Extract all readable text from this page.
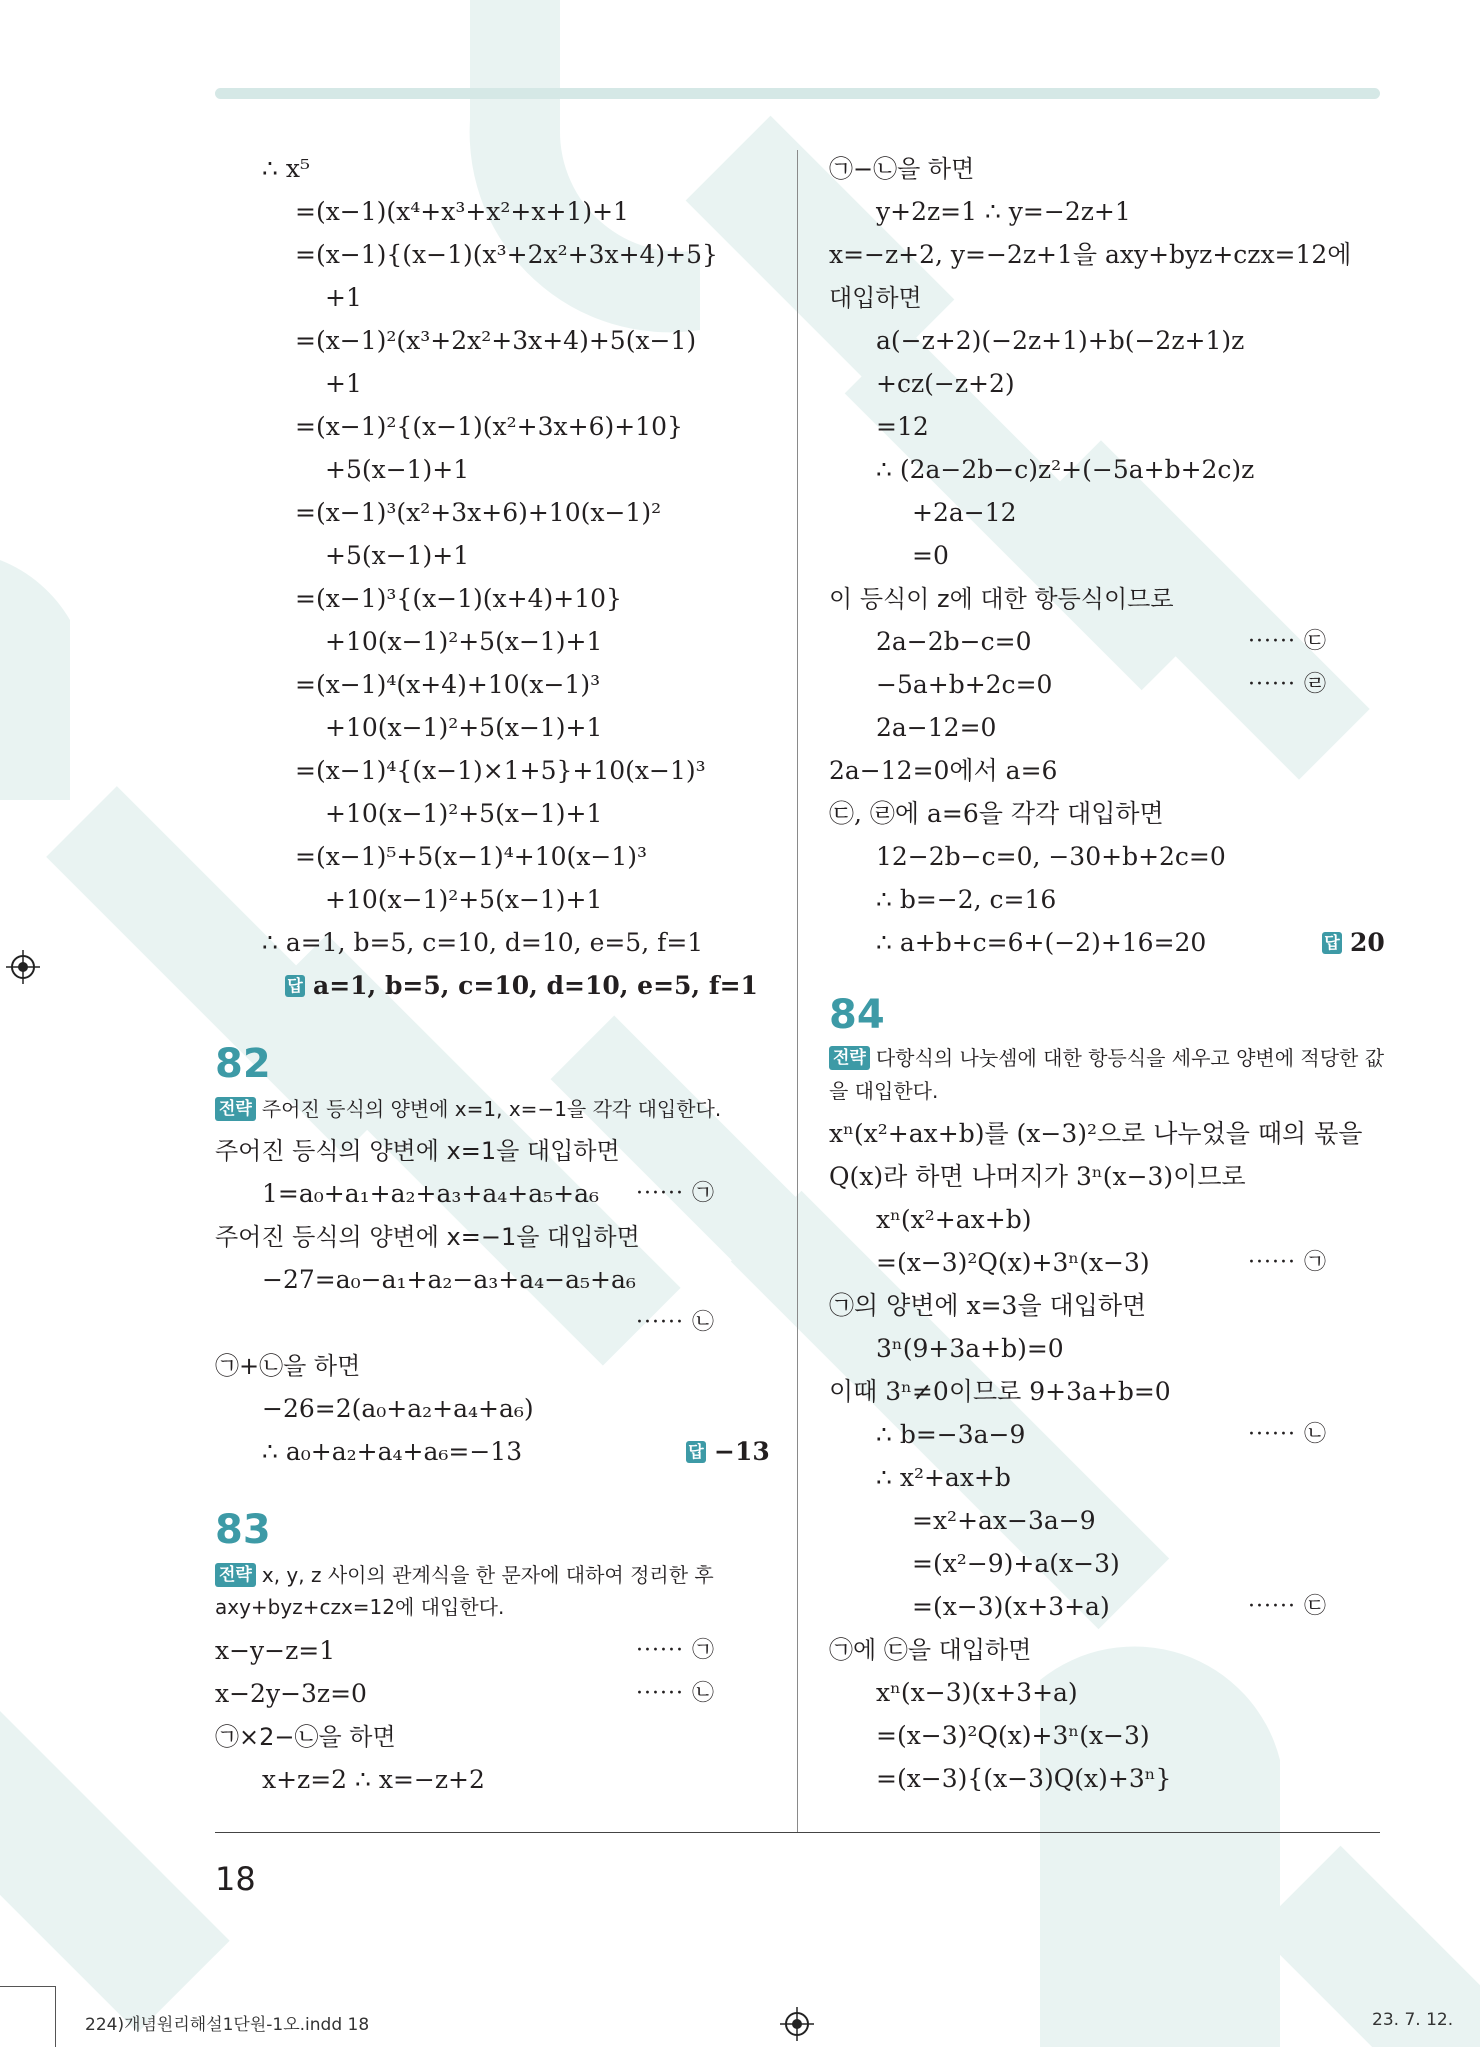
∴ x⁵
=(x−1)(x⁴+x³+x²+x+1)+1
=(x−1){(x−1)(x³+2x²+3x+4)+5}
+1
=(x−1)²(x³+2x²+3x+4)+5(x−1)
+1
=(x−1)²{(x−1)(x²+3x+6)+10}
+5(x−1)+1
=(x−1)³(x²+3x+6)+10(x−1)²
+5(x−1)+1
=(x−1)³{(x−1)(x+4)+10}
+10(x−1)²+5(x−1)+1
=(x−1)⁴(x+4)+10(x−1)³
+10(x−1)²+5(x−1)+1
=(x−1)⁴{(x−1)×1+5}+10(x−1)³
+10(x−1)²+5(x−1)+1
=(x−1)⁵+5(x−1)⁴+10(x−1)³
+10(x−1)²+5(x−1)+1
∴ a=1, b=5, c=10, d=10, e=5, f=1
답 a=1, b=5, c=10, d=10, e=5, f=1
82
전략 주어진 등식의 양변에 x=1, x=−1을 각각 대입한다.
주어진 등식의 양변에 x=1을 대입하면
1=a₀+a₁+a₂+a₃+a₄+a₅+a₆ ······ ㉠
주어진 등식의 양변에 x=−1을 대입하면
−27=a₀−a₁+a₂−a₃+a₄−a₅+a₆
······ ㉡
㉠+㉡을 하면
−26=2(a₀+a₂+a₄+a₆)
∴ a₀+a₂+a₄+a₆=−13	답 −13
83
전략 x, y, z 사이의 관계식을 한 문자에 대하여 정리한 후
axy+byz+czx=12에 대입한다.
x−y−z=1	······ ㉠
x−2y−3z=0	······ ㉡
㉠×2−㉡을 하면
x+z=2 ∴ x=−z+2
㉠−㉡을 하면
y+2z=1 ∴ y=−2z+1
x=−z+2, y=−2z+1을 axy+byz+czx=12에
대입하면
a(−z+2)(−2z+1)+b(−2z+1)z
+cz(−z+2)
=12
∴ (2a−2b−c)z²+(−5a+b+2c)z
+2a−12
=0
이 등식이 z에 대한 항등식이므로
2a−2b−c=0	······ ㉢
−5a+b+2c=0	······ ㉣
2a−12=0
2a−12=0에서 a=6
㉢, ㉣에 a=6을 각각 대입하면
12−2b−c=0, −30+b+2c=0
∴ b=−2, c=16
∴ a+b+c=6+(−2)+16=20	답 20
84
전략 다항식의 나눗셈에 대한 항등식을 세우고 양변에 적당한 값
을 대입한다.
xⁿ(x²+ax+b)를 (x−3)²으로 나누었을 때의 몫을
Q(x)라 하면 나머지가 3ⁿ(x−3)이므로
xⁿ(x²+ax+b)
=(x−3)²Q(x)+3ⁿ(x−3)	······ ㉠
㉠의 양변에 x=3을 대입하면
3ⁿ(9+3a+b)=0
이때 3ⁿ≠0이므로 9+3a+b=0
∴ b=−3a−9	······ ㉡
∴ x²+ax+b
=x²+ax−3a−9
=(x²−9)+a(x−3)
=(x−3)(x+3+a)	······ ㉢
㉠에 ㉢을 대입하면
xⁿ(x−3)(x+3+a)
=(x−3)²Q(x)+3ⁿ(x−3)
=(x−3){(x−3)Q(x)+3ⁿ}
18
224)개념원리해설1단원-1오.indd 18	23. 7. 12.
